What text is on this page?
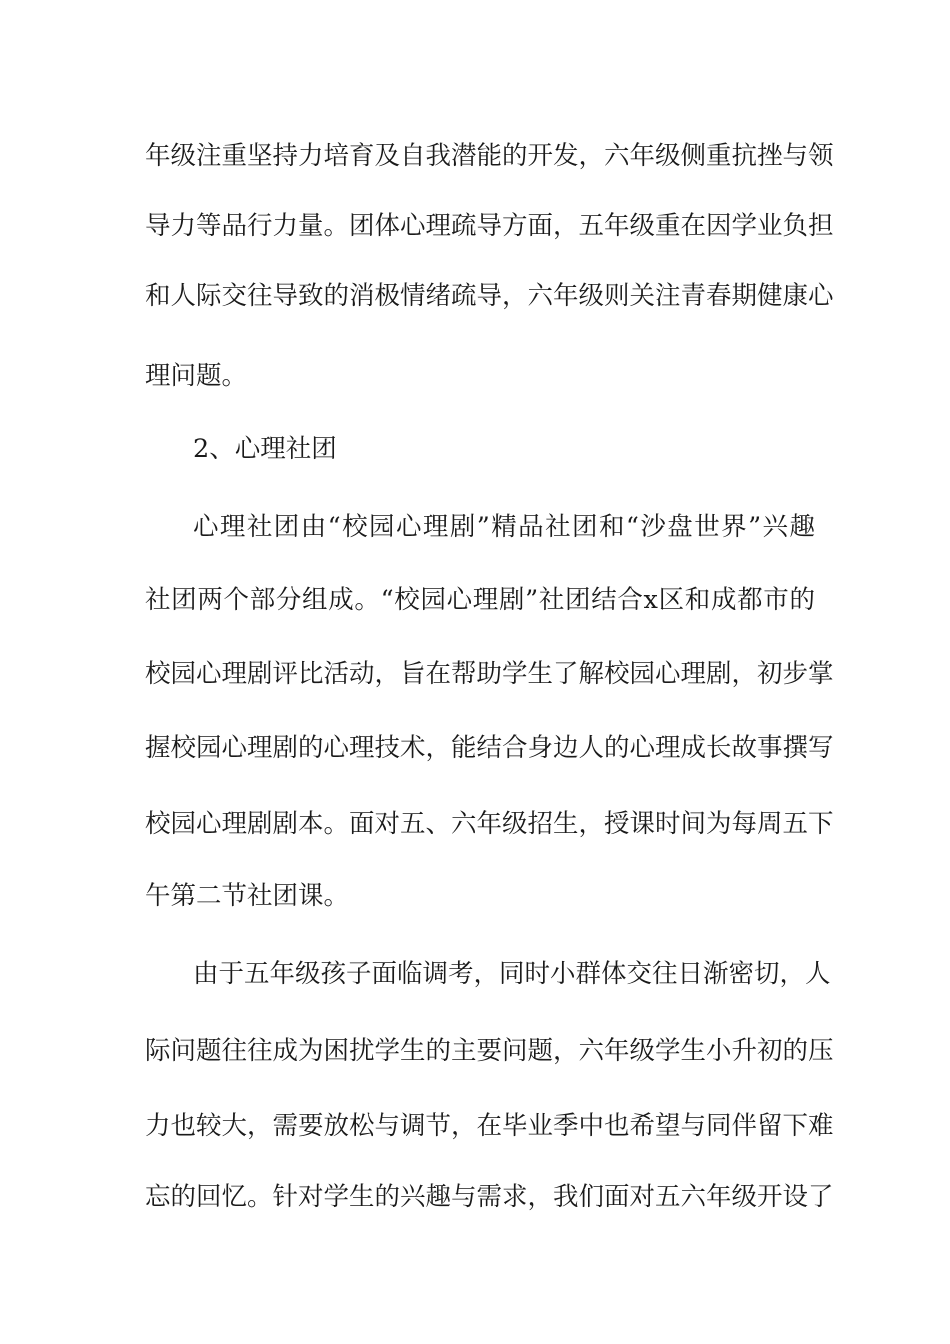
年级注重坚持力培育及自我潜能的开发，六年级侧重抗挫与领
导力等品行力量。团体心理疏导方面，五年级重在因学业负担
和人际交往导致的消极情绪疏导，六年级则关注青春期健康心
理问题。
2、心理社团
心理社团由“校园心理剧”精品社团和“沙盘世界”兴趣
社团两个部分组成。“校园心理剧”社团结合x区和成都市的
校园心理剧评比活动，旨在帮助学生了解校园心理剧，初步掌
握校园心理剧的心理技术，能结合身边人的心理成长故事撰写
校园心理剧剧本。面对五、六年级招生，授课时间为每周五下
午第二节社团课。
由于五年级孩子面临调考，同时小群体交往日渐密切，人
际问题往往成为困扰学生的主要问题，六年级学生小升初的压
力也较大，需要放松与调节，在毕业季中也希望与同伴留下难
忘的回忆。针对学生的兴趣与需求，我们面对五六年级开设了
